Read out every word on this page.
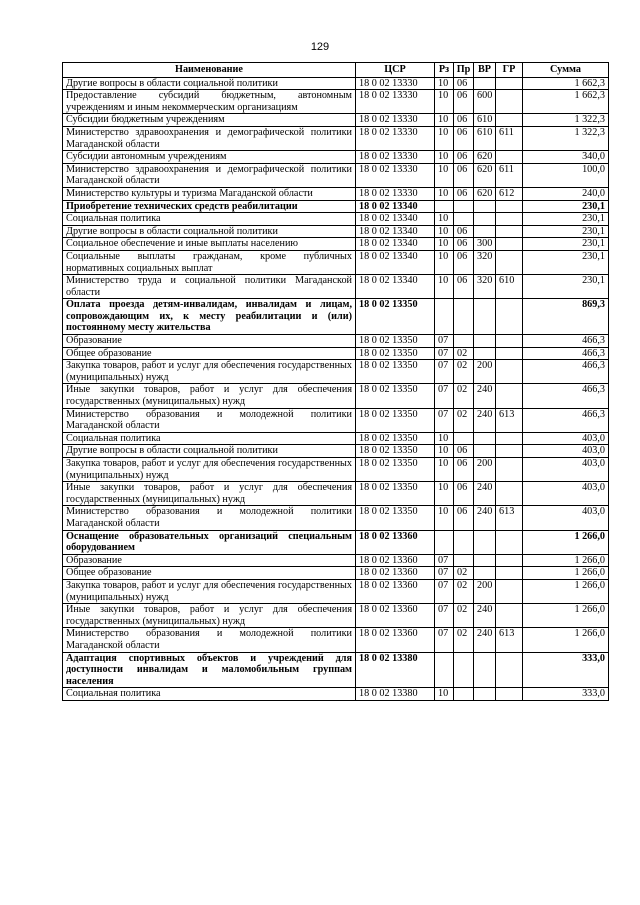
129
Наименование	ЦСР	Рз	Пр	ВР	ГР	Сумма
Другие вопросы в области социальной политики	18 0 02 13330	10	06			1 662,3
Предоставление субсидий бюджетным, автономным учреждениям и иным некоммерческим организациям	18 0 02 13330	10	06	600		1 662,3
Субсидии бюджетным учреждениям	18 0 02 13330	10	06	610		1 322,3
Министерство здравоохранения и демографической политики Магаданской области	18 0 02 13330	10	06	610	611	1 322,3
Субсидии автономным учреждениям	18 0 02 13330	10	06	620		340,0
Министерство здравоохранения и демографической политики Магаданской области	18 0 02 13330	10	06	620	611	100,0
Министерство культуры и туризма Магаданской области	18 0 02 13330	10	06	620	612	240,0
Приобретение технических средств реабилитации	18 0 02 13340					230,1
Социальная политика	18 0 02 13340	10				230,1
Другие вопросы в области социальной политики	18 0 02 13340	10	06			230,1
Социальное обеспечение и иные выплаты населению	18 0 02 13340	10	06	300		230,1
Социальные выплаты гражданам, кроме публичных нормативных социальных выплат	18 0 02 13340	10	06	320		230,1
Министерство труда и социальной политики Магаданской области	18 0 02 13340	10	06	320	610	230,1
Оплата проезда детям-инвалидам, инвалидам и лицам, сопровождающим их, к месту реабилитации и (или) постоянному месту жительства	18 0 02 13350					869,3
Образование	18 0 02 13350	07				466,3
Общее образование	18 0 02 13350	07	02			466,3
Закупка товаров, работ и услуг для обеспечения государственных (муниципальных) нужд	18 0 02 13350	07	02	200		466,3
Иные закупки товаров, работ и услуг для обеспечения государственных (муниципальных) нужд	18 0 02 13350	07	02	240		466,3
Министерство образования и молодежной политики Магаданской области	18 0 02 13350	07	02	240	613	466,3
Социальная политика	18 0 02 13350	10				403,0
Другие вопросы в области социальной политики	18 0 02 13350	10	06			403,0
Закупка товаров, работ и услуг для обеспечения государственных (муниципальных) нужд	18 0 02 13350	10	06	200		403,0
Иные закупки товаров, работ и услуг для обеспечения государственных (муниципальных) нужд	18 0 02 13350	10	06	240		403,0
Министерство образования и молодежной политики Магаданской области	18 0 02 13350	10	06	240	613	403,0
Оснащение образовательных организаций специальным оборудованием	18 0 02 13360					1 266,0
Образование	18 0 02 13360	07				1 266,0
Общее образование	18 0 02 13360	07	02			1 266,0
Закупка товаров, работ и услуг для обеспечения государственных (муниципальных) нужд	18 0 02 13360	07	02	200		1 266,0
Иные закупки товаров, работ и услуг для обеспечения государственных (муниципальных) нужд	18 0 02 13360	07	02	240		1 266,0
Министерство образования и молодежной политики Магаданской области	18 0 02 13360	07	02	240	613	1 266,0
Адаптация спортивных объектов и учреждений для доступности инвалидам и маломобильным группам населения	18 0 02 13380					333,0
Социальная политика	18 0 02 13380	10				333,0
